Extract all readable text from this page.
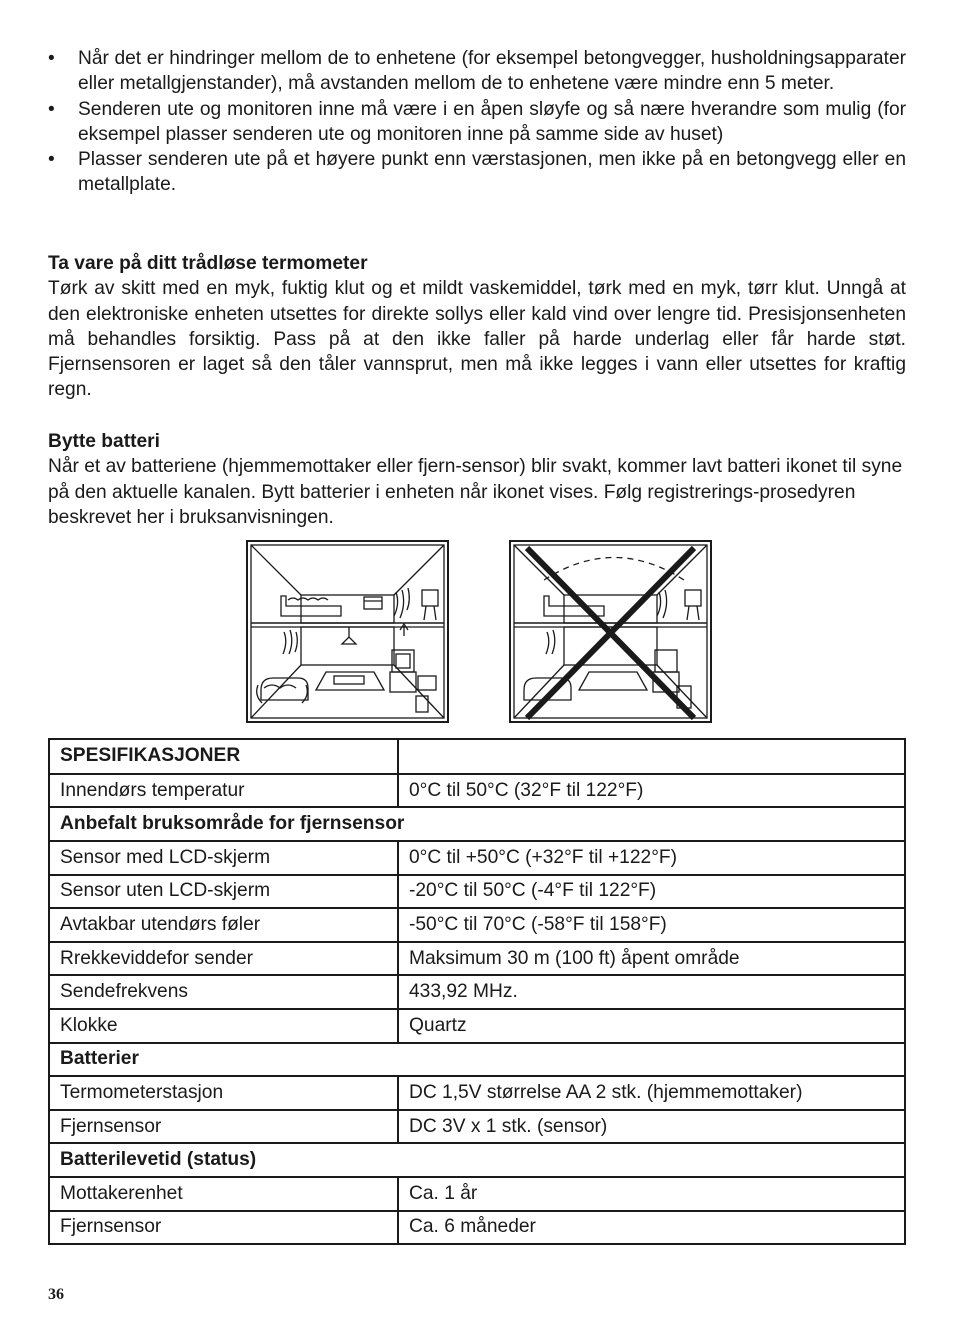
• Når det er hindringer mellom de to enhetene (for eksempel betongvegger, husholdningsapparater eller metallgjenstander), må avstanden mellom de to enhetene være mindre enn 5 meter.
• Senderen ute og monitoren inne må være i en åpen sløyfe og så nære hverandre som mulig (for eksempel plasser senderen ute og monitoren inne på samme side av huset)
• Plasser senderen ute på et høyere punkt enn værstasjonen, men ikke på en betongvegg eller en metallplate.
Ta vare på ditt trådløse termometer

Tørk av skitt med en myk, fuktig klut og et mildt vaskemiddel, tørk med en myk, tørr klut. Unngå at den elektroniske enheten utsettes for direkte sollys eller kald vind over lengre tid. Presisjonsenheten må behandles forsiktig. Pass på at den ikke faller på harde underlag eller får harde støt. Fjernsensoren er laget så den tåler vannsprut, men må ikke legges i vann eller utsettes for kraftig regn.

Bytte batteri

Når et av batteriene (hjemmemottaker eller fjern-sensor) blir svakt, kommer lavt batteri ikonet til syne på den aktuelle kanalen. Bytt batterier i enheten når ikonet vises. Følg registrerings-prosedyren beskrevet her i bruksanvisningen.

SPESIFIKASJONER	
Innendørs temperatur	0°C til 50°C (32°F til 122°F)
Anbefalt bruksområde for fjernsensor	
Sensor med LCD-skjerm	0°C til +50°C (+32°F til +122°F)
Sensor uten LCD-skjerm	-20°C til 50°C (-4°F til 122°F)
Avtakbar utendørs føler	-50°C til 70°C (-58°F til 158°F)
Rrekkeviddefor sender	Maksimum 30 m (100 ft) åpent område
Sendefrekvens	433,92 MHz.
Klokke	Quartz
Batterier	
Termometerstasjon	DC 1,5V størrelse AA 2 stk. (hjemmemottaker)
Fjernsensor	DC 3V x 1 stk. (sensor)
Batterilevetid (status)	
Mottakerenhet	Ca. 1 år
Fjernsensor	Ca. 6 måneder
36
